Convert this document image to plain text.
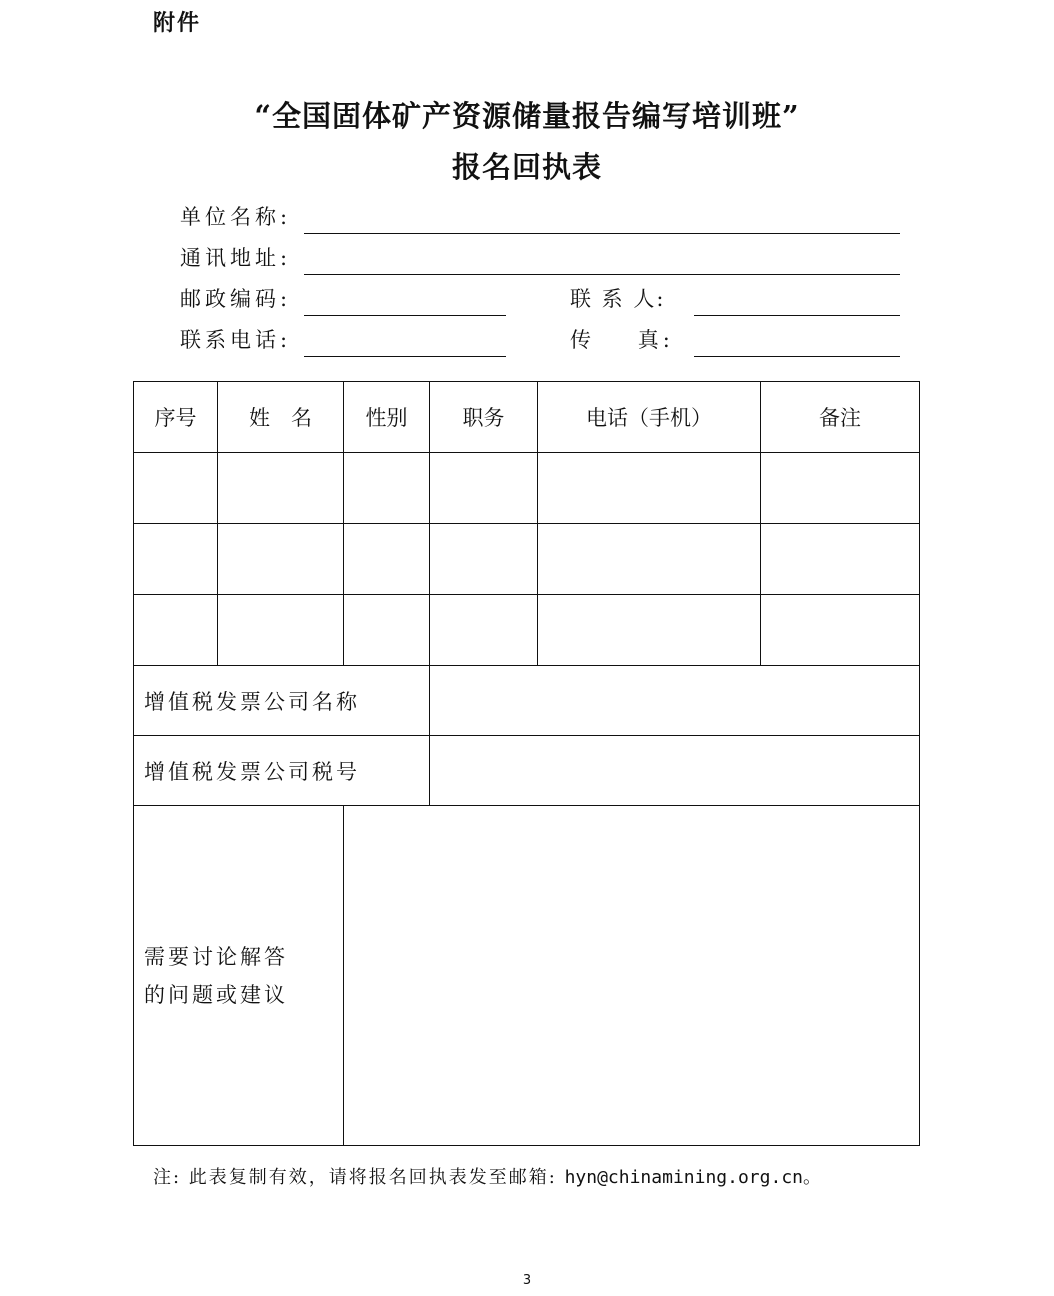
附件
“全国固体矿产资源储量报告编写培训班”
报名回执表
单位名称:
通讯地址:
邮政编码:	联 系 人:
联系电话:	传    真:
序号	姓　名	性别	职务	电话（手机）	备注

增值税发票公司名称					
增值税发票公司税号					

需要讨论解答
的问题或建议					

注: 此表复制有效，请将报名回执表发至邮箱: hyn@chinamining.org.cn。
3
